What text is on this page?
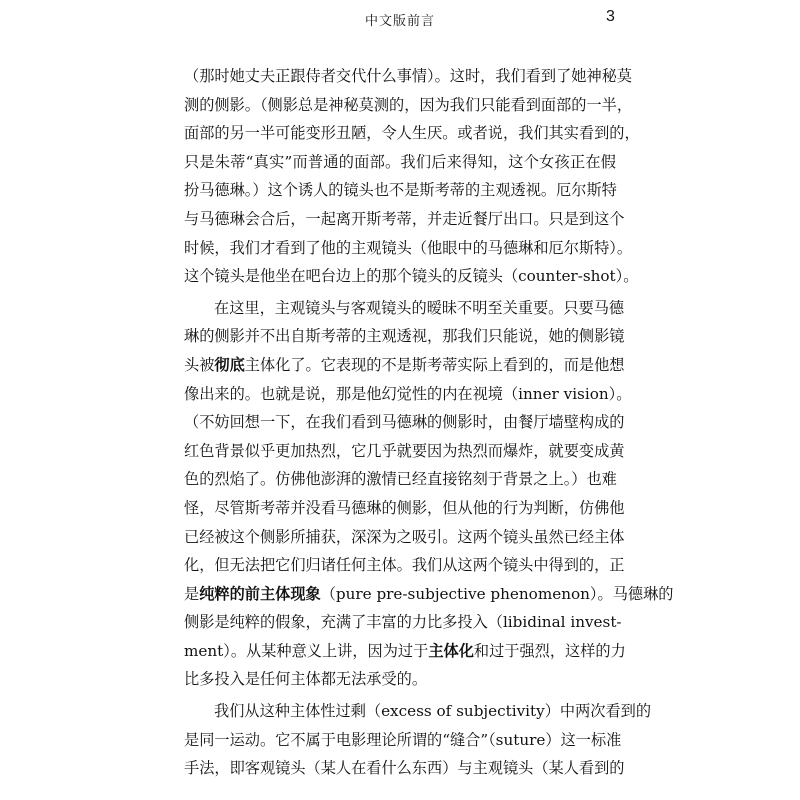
中文版前言	3
（那时她丈夫正跟侍者交代什么事情）。这时，我们看到了她神秘莫
测的侧影。（侧影总是神秘莫测的，因为我们只能看到面部的一半，
面部的另一半可能变形丑陋，令人生厌。或者说，我们其实看到的，
只是朱蒂“真实”而普通的面部。我们后来得知，这个女孩正在假
扮马德琳。）这个诱人的镜头也不是斯考蒂的主观透视。厄尔斯特
与马德琳会合后，一起离开斯考蒂，并走近餐厅出口。只是到这个
时候，我们才看到了他的主观镜头（他眼中的马德琳和厄尔斯特）。
这个镜头是他坐在吧台边上的那个镜头的反镜头（counter-shot）。
在这里，主观镜头与客观镜头的暧昧不明至关重要。只要马德
琳的侧影并不出自斯考蒂的主观透视，那我们只能说，她的侧影镜
头被彻底主体化了。它表现的不是斯考蒂实际上看到的，而是他想
像出来的。也就是说，那是他幻觉性的内在视境（inner vision）。
（不妨回想一下，在我们看到马德琳的侧影时，由餐厅墙壁构成的
红色背景似乎更加热烈，它几乎就要因为热烈而爆炸，就要变成黄
色的烈焰了。仿佛他澎湃的激情已经直接铭刻于背景之上。）也难
怪，尽管斯考蒂并没看马德琳的侧影，但从他的行为判断，仿佛他
已经被这个侧影所捕获，深深为之吸引。这两个镜头虽然已经主体
化，但无法把它们归诸任何主体。我们从这两个镜头中得到的，正
是纯粹的前主体现象（pure pre-subjective phenomenon）。马德琳的
侧影是纯粹的假象，充满了丰富的力比多投入（libidinal invest-
ment）。从某种意义上讲，因为过于主体化和过于强烈，这样的力
比多投入是任何主体都无法承受的。
我们从这种主体性过剩（excess of subjectivity）中两次看到的
是同一运动。它不属于电影理论所谓的“缝合”（suture）这一标准
手法，即客观镜头（某人在看什么东西）与主观镜头（某人看到的
